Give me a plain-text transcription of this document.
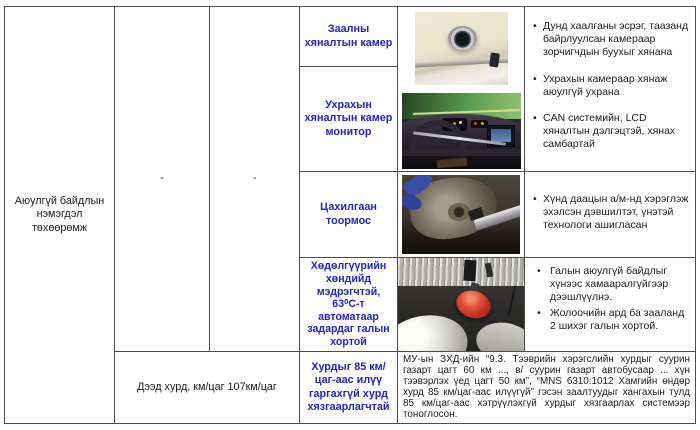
Аюулгүй байдлын нэмэгдэл төхөөрөмж
-	-
Заалны хяналтын камер
• Дунд хаалганы эсрэг, таазанд байрлуулсан камераар зорчигчдын буухыг хянана
• Ухрахын камераар хянаж аюулгүй ухрана
• CAN системийн, LCD хяналтын дэлгэцтэй, хянах самбартай
Ухрахын хяналтын камер монитор
Цахилгаан тоормос
• Хүнд даацын а/м-нд хэрэглэж эхэлсэн дэвшилтэт, үнэтэй технологи ашигласан
Хөдөлгүүрийн хөндийд мэдрэгчтэй, 63⁰С-т автоматаар задардаг галын хортой
• Галын аюулгүй байдлыг хүнээс хамааралгүйгээр дээшлүүлнэ.
• Жолоочийн ард ба зааланд 2 шихэг галын хортой.
Дээд хурд, км/цаг 107км/цаг
Хурдыг 85 км/цаг-аас илүү гаргахгүй хурд хязгаарлагчтай
МУ-ын ЗХД-ийн “9.3. Тээврийн хэрэгслийн хурдыг суурин газарт цагт 60 км ..., в/ суурин газарт автобусаар ... хүн тээвэрлэх үед цагт 50 км”, “MNS 6310:1012 Хамгийн өндөр хурд 85 км/цаг-аас илүүгүй” гэсэн заалтуудыг хангахын тулд 85 км/цаг-аас хэтрүүлэхгүй хурдыг хязгаарлах системээр тоноглосон.
